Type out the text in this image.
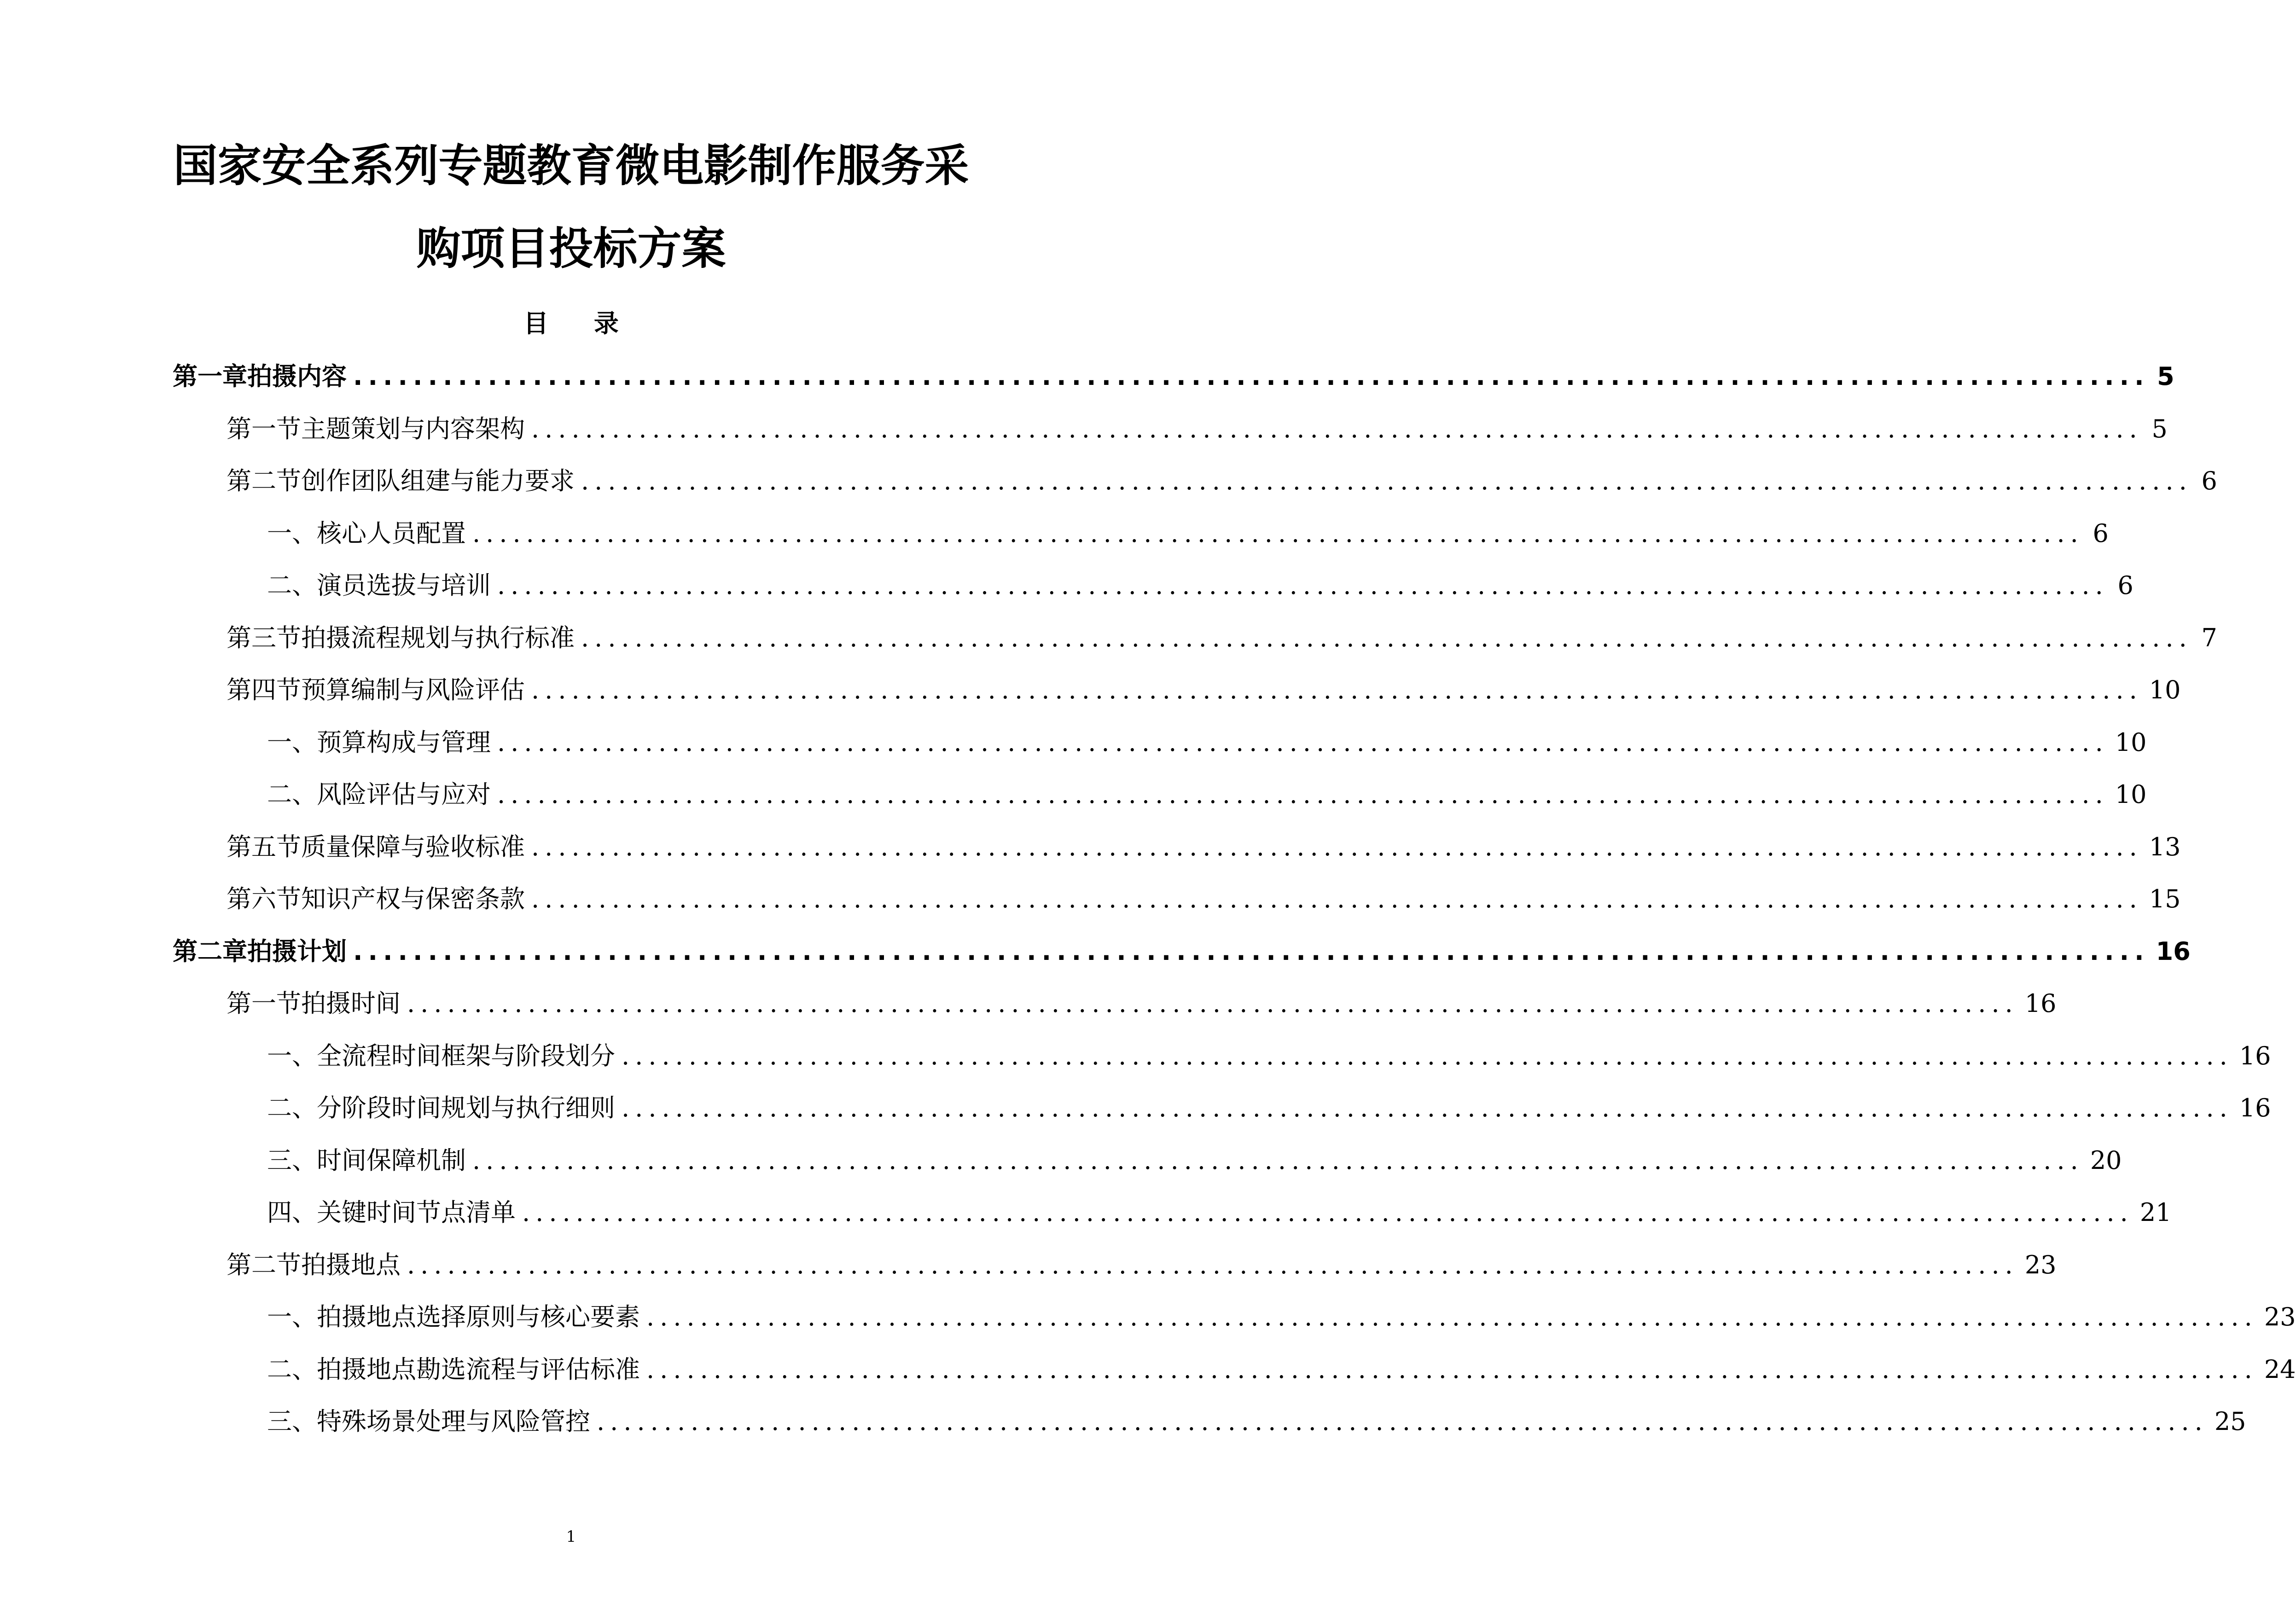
国家安全系列专题教育微电影制作服务采
购项目投标方案
目 录
第一章 拍摄内容 ........................................................................................................................ 5
第一节 主题策划与内容架构 ........................................................................................................................ 5
第二节 创作团队组建与能力要求 ........................................................................................................................ 6
一、 核心人员配置 ........................................................................................................................ 6
二、 演员选拔与培训 ........................................................................................................................ 6
第三节 拍摄流程规划与执行标准 ........................................................................................................................ 7
第四节 预算编制与风险评估 ........................................................................................................................ 10
一、 预算构成与管理 ........................................................................................................................ 10
二、 风险评估与应对 ........................................................................................................................ 10
第五节 质量保障与验收标准 ........................................................................................................................ 13
第六节 知识产权与保密条款 ........................................................................................................................ 15
第二章 拍摄计划 ........................................................................................................................ 16
第一节 拍摄时间 ........................................................................................................................ 16
一、 全流程时间框架与阶段划分 ........................................................................................................................ 16
二、 分阶段时间规划与执行细则 ........................................................................................................................ 16
三、 时间保障机制 ........................................................................................................................ 20
四、 关键时间节点清单 ........................................................................................................................ 21
第二节 拍摄地点 ........................................................................................................................ 23
一、 拍摄地点选择原则与核心要素 ........................................................................................................................ 23
二、 拍摄地点勘选流程与评估标准 ........................................................................................................................ 24
三、 特殊场景处理与风险管控 ........................................................................................................................ 25
1
